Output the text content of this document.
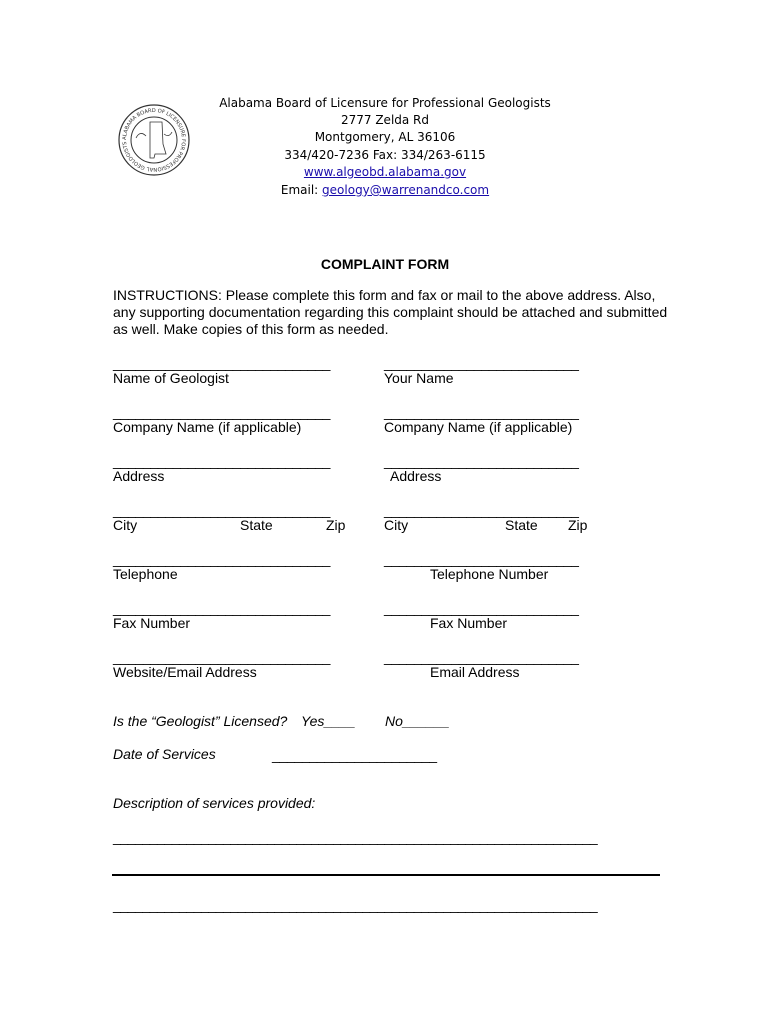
ALABAMA BOARD OF LICENSURE FOR PROFESSIONAL GEOLOGISTS
Alabama Board of Licensure for Professional Geologists
2777 Zelda Rd
Montgomery, AL 36106
334/420-7236 Fax: 334/263-6115
www.algeobd.alabama.gov
Email: geology@warrenandco.com
COMPLAINT FORM
INSTRUCTIONS: Please complete this form and fax or mail to the above address. Also, any supporting documentation regarding this complaint should be attached and submitted as well. Make copies of this form as needed.
_____________________________	__________________________
Name of Geologist	Your Name
_____________________________	__________________________
Company Name (if applicable)	Company Name (if applicable)
_____________________________	__________________________
Address	Address
_____________________________	__________________________
City	State	Zip	City	State Zip
_____________________________	__________________________
Telephone	Telephone Number
_____________________________	__________________________
Fax Number	Fax Number
_____________________________	__________________________
Website/Email Address	Email Address
Is the “Geologist” Licensed? Yes____ No______
Date of Services	______________________
Description of services provided:
__________________________________________________________________
__________________________________________________________________
